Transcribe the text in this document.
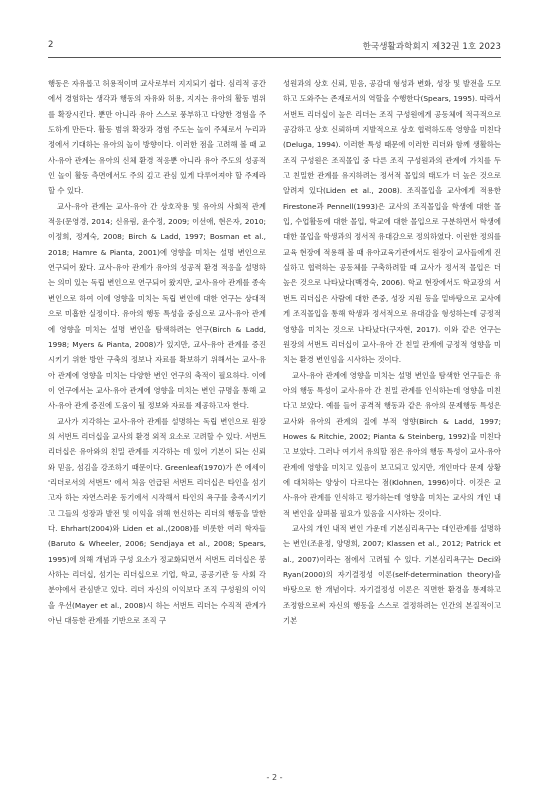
2	한국생활과학회지 제32권 1호 2023

행동은 자유롭고 허용적이며 교사로부터 지지되기 쉽다. 심리적 공간에서 경험하는 생각과 행동의 자유와 허용, 지지는 유아의 활동 범위를 확장시킨다. 뿐만 아니라 유아 스스로 풍부하고 다양한 경험을 주도하게 만든다. 활동 범위 확장과 경험 주도는 놀이 주체로서 누리과정에서 기대하는 유아의 놀이 방향이다. 이러한 점을 고려해 볼 때 교사-유아 관계는 유아의 신체 환경 적응뿐 아니라 유아 주도의 성공적인 놀이 활동 측면에서도 주의 깊고 관심 있게 다루어져야 할 주제라 할 수 있다.

교사-유아 관계는 교사-유아 간 상호작용 및 유아의 사회적 관계 적응(문영경, 2014; 신유림, 윤수정, 2009; 이선애, 현은자, 2010; 이정희, 정계숙, 2008; Birch & Ladd, 1997; Bosman et al., 2018; Hamre & Pianta, 2001)에 영향을 미치는 설명 변인으로 연구되어 왔다. 교사-유아 관계가 유아의 성공적 환경 적응을 설명하는 의미 있는 독립 변인으로 연구되어 왔지만, 교사-유아 관계를 종속 변인으로 하여 이에 영향을 미치는 독립 변인에 대한 연구는 상대적으로 미흡한 실정이다. 유아의 행동 특성을 중심으로 교사-유아 관계에 영향을 미치는 설명 변인을 탐색하려는 연구(Birch & Ladd, 1998; Myers & Pianta, 2008)가 있지만, 교사-유아 관계를 증진시키기 위한 방안 구축의 정보나 자료를 확보하기 위해서는 교사-유아 관계에 영향을 미치는 다양한 변인 연구의 축적이 필요하다. 이에 이 연구에서는 교사-유아 관계에 영향을 미치는 변인 규명을 통해 교사-유아 관계 증진에 도움이 될 정보와 자료를 제공하고자 한다.

교사가 지각하는 교사-유아 관계를 설명하는 독립 변인으로 원장의 서번트 리더십을 교사의 환경 외적 요소로 고려할 수 있다. 서번트 리더십은 유아와의 친밀 관계를 지각하는 데 있어 기본이 되는 신뢰와 믿음, 섬김을 강조하기 때문이다. Greenleaf(1970)가 쓴 에세이 '리더로서의 서번트' 에서 처음 언급된 서번트 리더십은 타인을 섬기고자 하는 자연스러운 동기에서 시작해서 타인의 욕구를 충족시키기고 그들의 성장과 발전 및 이익을 위해 헌신하는 리더의 행동을 말한다. Ehrhart(2004)와 Liden et al.,(2008)를 비롯한 여러 학자들(Baruto & Wheeler, 2006; Sendjaya et al., 2008; Spears, 1995)에 의해 개념과 구성 요소가 정교화되면서 서번트 리더십은 봉사하는 리더십, 섬기는 리더십으로 기업, 학교, 공공기관 등 사회 각 분야에서 관심받고 있다. 리더 자신의 이익보다 조직 구성원의 이익을 우선(Mayer et al., 2008)시 하는 서번트 리더는 수직적 관계가 아닌 대등한 관계를 기반으로 조직 구

성원과의 상호 신뢰, 믿음, 공감대 형성과 변화, 성장 및 발전을 도모하고 도와주는 존재로서의 역할을 수행한다(Spears, 1995). 따라서 서번트 리더십이 높은 리더는 조직 구성원에게 공동체에 적극적으로 공감하고 상호 신뢰하며 지발적으로 상호 협력하도록 영향을 미친다(Deluga, 1994). 이러한 특성 때문에 이러한 리더와 함께 생활하는 조직 구성원은 조직몰입 중 다른 조직 구성원과의 관계에 가치를 두고 친밀한 관계를 유지하려는 정서적 몰입의 태도가 더 높은 것으로 알려져 있다(Liden et al., 2008). 조직몰입을 교사에게 적용한 Firestone과 Pennell(1993)은 교사의 조직몰입을 학생에 대한 몰입, 수업활동에 대한 몰입, 학교에 대한 몰입으로 구분하면서 학생에 대한 몰입을 학생과의 정서적 유대감으로 정의하였다. 이런한 정의를 교육 현장에 적용해 볼 때 유아교육기관에서도 원장이 교사들에게 진실하고 협력하는 공동체를 구축하려할 때 교사가 정서적 몰입은 더 높은 것으로 나타났다(백경숙, 2006). 학교 현장에서도 학교장의 서번트 리더십은 사람에 대한 존중, 성장 지원 등을 밑바탕으로 교사에게 조직몰입을 통해 학생과 정서적으로 유대감을 형성하는데 긍정적 영향을 미치는 것으로 나타났다(구자현, 2017). 이와 같은 연구는 원장의 서번트 리더십이 교사-유아 간 친밀 관계에 긍정적 영향을 미치는 환경 변인임을 시사하는 것이다.

교사-유아 관계에 영향을 미치는 설명 변인을 탐색한 연구들은 유아의 행동 특성이 교사-유아 간 친밀 관계를 인식하는데 영향을 미친다고 보았다. 예를 들어 공격적 행동과 같은 유아의 문제행동 특성은 교사와 유아의 관계의 질에 부적 영향(Birch & Ladd, 1997; Howes & Ritchie, 2002; Pianta & Steinberg, 1992)을 미친다고 보았다. 그러나 여기서 유의할 점은 유아의 행동 특성이 교사-유아관계에 영향을 미치고 있음이 보고되고 있지만, 개인마다 문제 상황에 대처하는 양상이 다르다는 점(Klohnen, 1996)이다. 이것은 교사-유아 관계를 인식하고 평가하는데 영향을 미치는 교사의 개인 내적 변인을 살펴볼 필요가 있음을 시사하는 것이다.

교사의 개인 내적 변인 가운데 기본심리욕구는 대인관계를 설명하는 변인(조윤정, 양명희, 2007; Klassen et al., 2012; Patrick et al., 2007)이라는 점에서 고려될 수 있다. 기본심리욕구는 Deci와 Ryan(2000)의 자기결정성 이론(self-determination theory)을 바탕으로 한 개념이다. 자기결정성 이론은 직면한 환경을 통제하고 조정함으로써 자신의 행동을 스스로 결정하려는 인간의 본질적이고 기본

- 2 -
